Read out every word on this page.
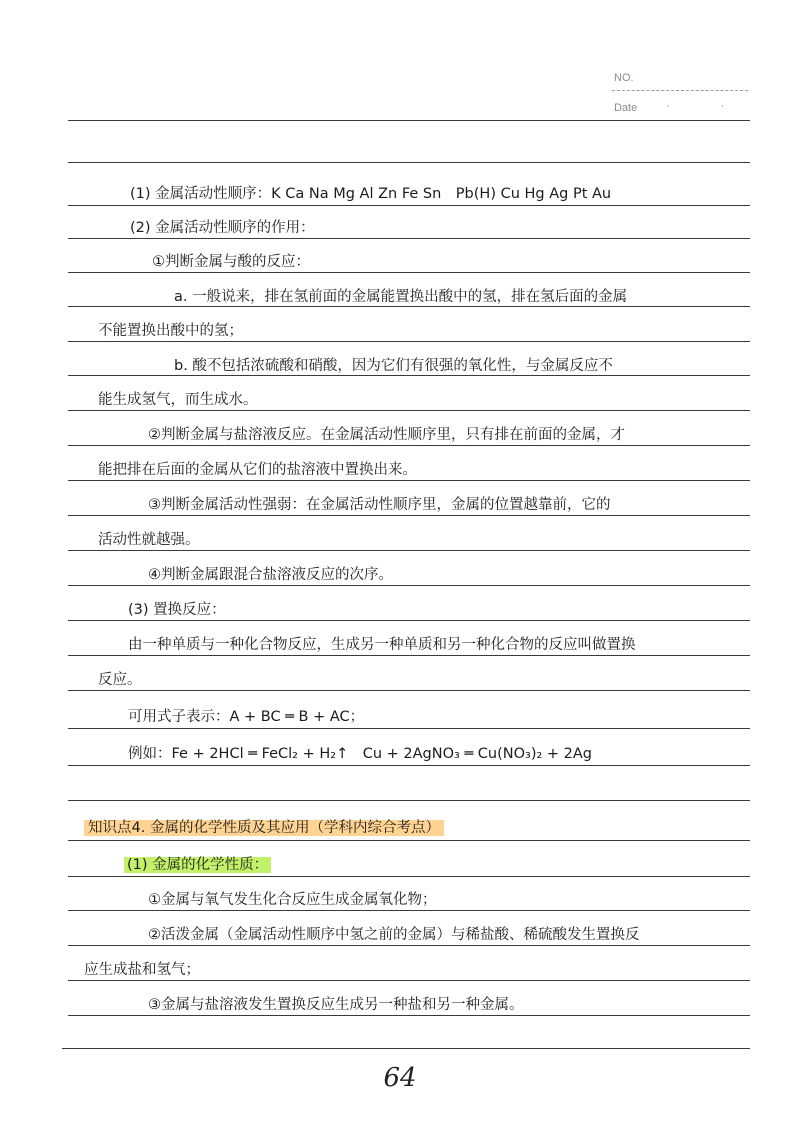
NO.
Date	· ·
(1) 金属活动性顺序：K Ca Na Mg Al Zn Fe Sn　Pb(H) Cu Hg Ag Pt Au
(2) 金属活动性顺序的作用：
①判断金属与酸的反应：
a. 一般说来，排在氢前面的金属能置换出酸中的氢，排在氢后面的金属
不能置换出酸中的氢；
b. 酸不包括浓硫酸和硝酸，因为它们有很强的氧化性，与金属反应不
能生成氢气，而生成水。
②判断金属与盐溶液反应。在金属活动性顺序里，只有排在前面的金属，才
能把排在后面的金属从它们的盐溶液中置换出来。
③判断金属活动性强弱：在金属活动性顺序里，金属的位置越靠前，它的
活动性就越强。
④判断金属跟混合盐溶液反应的次序。
(3) 置换反应：
由一种单质与一种化合物反应，生成另一种单质和另一种化合物的反应叫做置换
反应。
可用式子表示：A + BC ═ B + AC；
例如：Fe + 2HCl ═ FeCl₂ + H₂↑　Cu + 2AgNO₃ ═ Cu(NO₃)₂ + 2Ag
知识点4. 金属的化学性质及其应用（学科内综合考点）
(1) 金属的化学性质：
①金属与氧气发生化合反应生成金属氧化物；
②活泼金属（金属活动性顺序中氢之前的金属）与稀盐酸、稀硫酸发生置换反
应生成盐和氢气；
③金属与盐溶液发生置换反应生成另一种盐和另一种金属。
64
